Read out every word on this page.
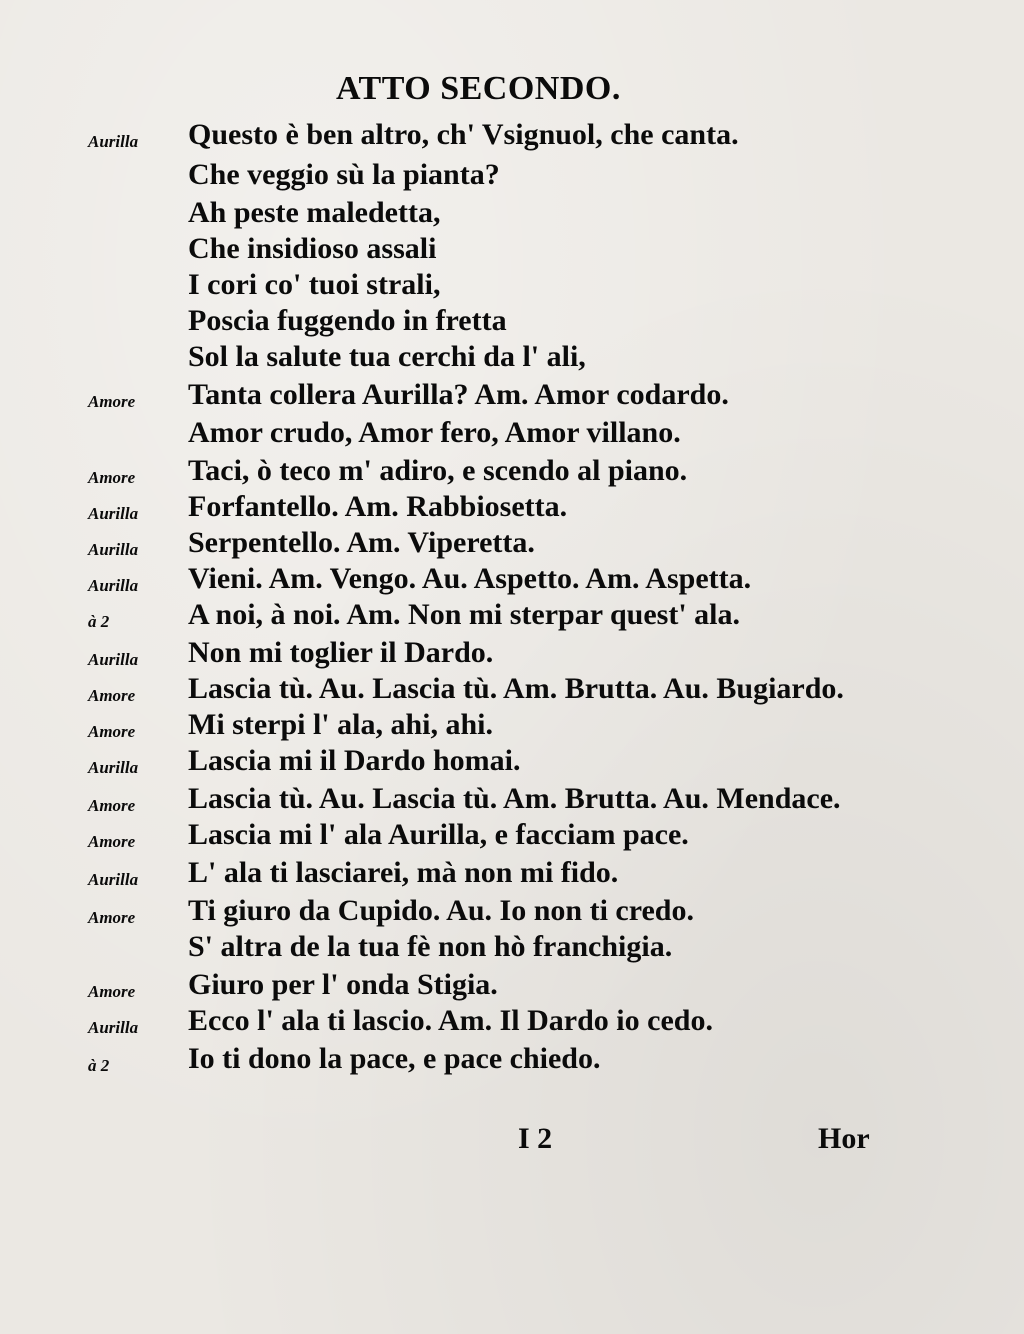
ATTO SECONDO.
Aurilla	Questo è ben altro, ch' Vsignuol, che canta.
Che veggio sù la pianta?
Ah peste maledetta,
Che insidioso assali
I cori co' tuoi strali,
Poscia fuggendo in fretta
Sol la salute tua cerchi da l' ali,
Amore	Tanta collera Aurilla? Am. Amor codardo.
Amor crudo, Amor fero, Amor villano.
Amore	Taci, ò teco m' adiro, e scendo al piano.
Aurilla	Forfantello. Am. Rabbiosetta.
Aurilla	Serpentello. Am. Viperetta.
Aurilla	Vieni. Am. Vengo. Au. Aspetto. Am. Aspetta.
à 2	A noi, à noi. Am. Non mi sterpar quest' ala.
Aurilla	Non mi toglier il Dardo.
Amore	Lascia tù. Au. Lascia tù. Am. Brutta. Au. Bugiardo.
Amore	Mi sterpi l' ala, ahi, ahi.
Aurilla	Lascia mi il Dardo homai.
Amore	Lascia tù. Au. Lascia tù. Am. Brutta. Au. Mendace.
Amore	Lascia mi l' ala Aurilla, e facciam pace.
Aurilla	L' ala ti lasciarei, mà non mi fido.
Amore	Ti giuro da Cupido. Au. Io non ti credo.
S' altra de la tua fè non hò franchigia.
Amore	Giuro per l' onda Stigia.
Aurilla	Ecco l' ala ti lascio. Am. Il Dardo io cedo.
à 2	Io ti dono la pace, e pace chiedo.
I 2	Hor
